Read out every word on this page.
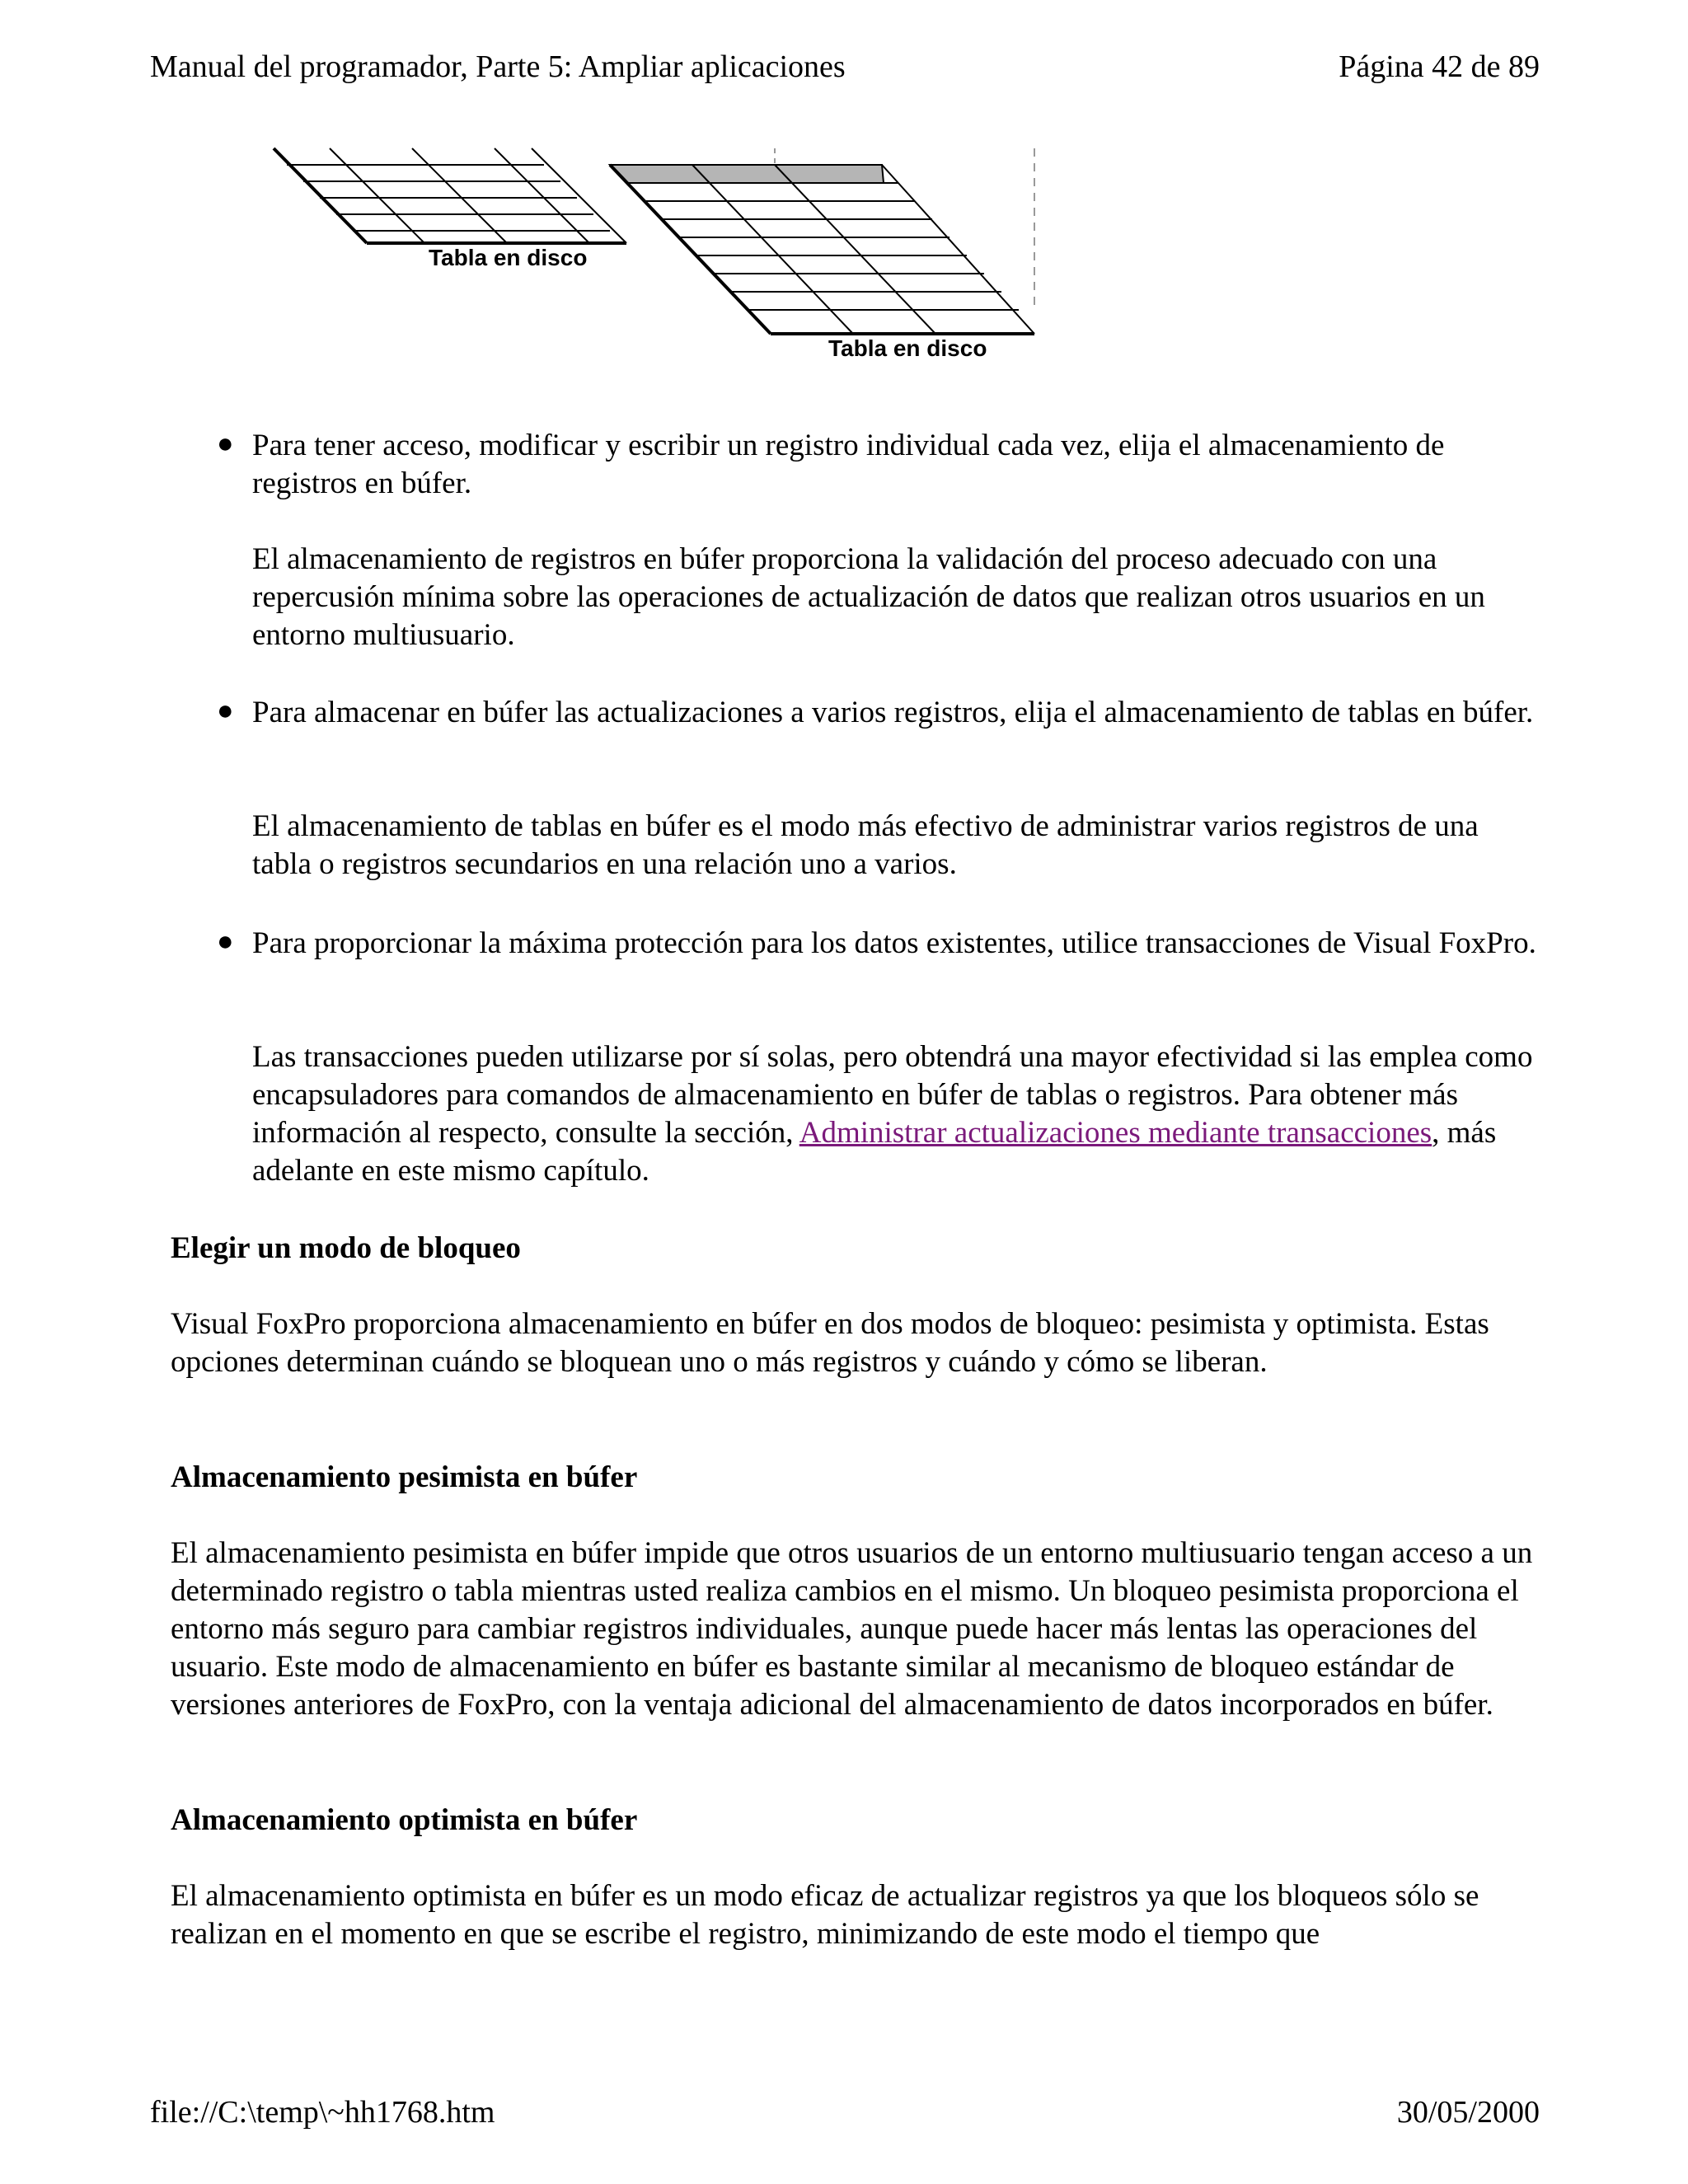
Manual del programador, Parte 5: Ampliar aplicaciones	Página 42 de 89
Tabla en disco
Tabla en disco
● Para tener acceso, modificar y escribir un registro individual cada vez, elija el almacenamiento de registros en búfer.
El almacenamiento de registros en búfer proporciona la validación del proceso adecuado con una repercusión mínima sobre las operaciones de actualización de datos que realizan otros usuarios en un entorno multiusuario.
● Para almacenar en búfer las actualizaciones a varios registros, elija el almacenamiento de tablas en búfer.
El almacenamiento de tablas en búfer es el modo más efectivo de administrar varios registros de una tabla o registros secundarios en una relación uno a varios.
● Para proporcionar la máxima protección para los datos existentes, utilice transacciones de Visual FoxPro.
Las transacciones pueden utilizarse por sí solas, pero obtendrá una mayor efectividad si las emplea como encapsuladores para comandos de almacenamiento en búfer de tablas o registros. Para obtener más información al respecto, consulte la sección, Administrar actualizaciones mediante transacciones, más adelante en este mismo capítulo.
Elegir un modo de bloqueo
Visual FoxPro proporciona almacenamiento en búfer en dos modos de bloqueo: pesimista y optimista. Estas opciones determinan cuándo se bloquean uno o más registros y cuándo y cómo se liberan.
Almacenamiento pesimista en búfer
El almacenamiento pesimista en búfer impide que otros usuarios de un entorno multiusuario tengan acceso a un determinado registro o tabla mientras usted realiza cambios en el mismo. Un bloqueo pesimista proporciona el entorno más seguro para cambiar registros individuales, aunque puede hacer más lentas las operaciones del usuario. Este modo de almacenamiento en búfer es bastante similar al mecanismo de bloqueo estándar de versiones anteriores de FoxPro, con la ventaja adicional del almacenamiento de datos incorporados en búfer.
Almacenamiento optimista en búfer
El almacenamiento optimista en búfer es un modo eficaz de actualizar registros ya que los bloqueos sólo se realizan en el momento en que se escribe el registro, minimizando de este modo el tiempo que
file://C:\temp\~hh1768.htm	30/05/2000
